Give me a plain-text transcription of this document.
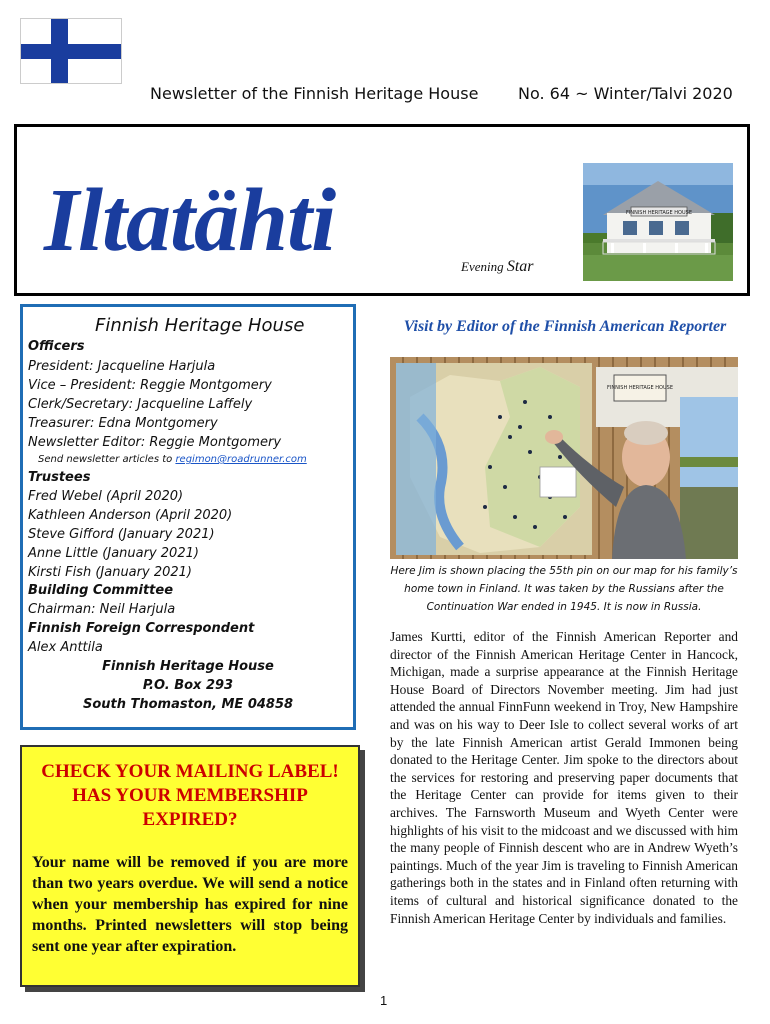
Newsletter of the Finnish Heritage House No. 64 ~ Winter/Talvi 2020
Iltatähti	Evening Star
FINNISH HERITAGE HOUSE
Finnish Heritage House
Officers
President: Jacqueline Harjula
Vice – President: Reggie Montgomery
Clerk/Secretary: Jacqueline Laffely
Treasurer: Edna Montgomery
Newsletter Editor: Reggie Montgomery
Send newsletter articles to regimon@roadrunner.com
Trustees
Fred Webel (April 2020)
Kathleen Anderson (April 2020)
Steve Gifford (January 2021)
Anne Little (January 2021)
Kirsti Fish (January 2021)
Building Committee
Chairman: Neil Harjula
Finnish Foreign Correspondent
Alex Anttila
Finnish Heritage House
P.O. Box 293
South Thomaston, ME 04858
CHECK YOUR MAILING LABEL!
HAS YOUR MEMBERSHIP
EXPIRED?
Your name will be removed if you are more than two years overdue. We will send a notice when your membership has expired for nine months. Printed newsletters will stop being sent one year after expiration.
Visit by Editor of the Finnish American Reporter
FINNISH HERITAGE HOUSE
Here Jim is shown placing the 55th pin on our map for his family’s home town in Finland. It was taken by the Russians after the Continuation War ended in 1945. It is now in Russia.
James Kurtti, editor of the Finnish American Reporter and director of the Finnish American Heritage Center in Hancock, Michigan, made a surprise appearance at the Finnish Heritage House Board of Directors November meeting. Jim had just attended the annual FinnFunn weekend in Troy, New Hampshire and was on his way to Deer Isle to collect several works of art by the late Finnish American artist Gerald Immonen being donated to the Heritage Center. Jim spoke to the directors about the services for restoring and preserving paper documents that the Heritage Center can provide for items given to their archives. The Farnsworth Museum and Wyeth Center were highlights of his visit to the midcoast and we discussed with him the many people of Finnish descent who are in Andrew Wyeth’s paintings. Much of the year Jim is traveling to Finnish American gatherings both in the states and in Finland often returning with items of cultural and historical significance donated to the Finnish American Heritage Center by individuals and families.
1
